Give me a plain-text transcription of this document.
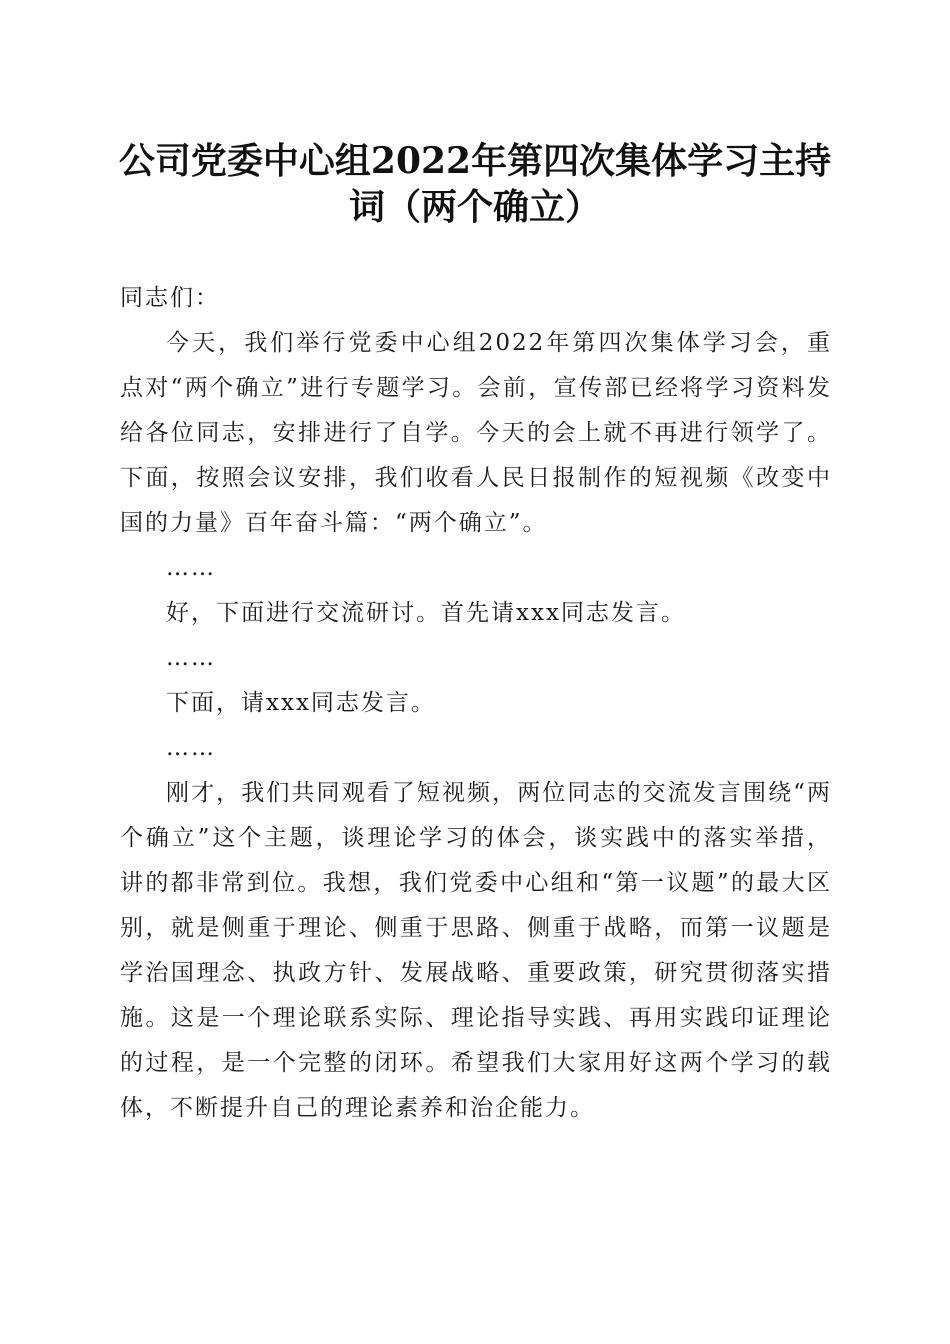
公司党委中心组2022年第四次集体学习主持词（两个确立）

同志们：

今天，我们举行党委中心组2022年第四次集体学习会，重点对“两个确立”进行专题学习。会前，宣传部已经将学习资料发给各位同志，安排进行了自学。今天的会上就不再进行领学了。下面，按照会议安排，我们收看人民日报制作的短视频《改变中国的力量》百年奋斗篇：“两个确立”。

……

好，下面进行交流研讨。首先请xxx同志发言。

……

下面，请xxx同志发言。

……

刚才，我们共同观看了短视频，两位同志的交流发言围绕“两个确立”这个主题，谈理论学习的体会，谈实践中的落实举措，讲的都非常到位。我想，我们党委中心组和“第一议题”的最大区别，就是侧重于理论、侧重于思路、侧重于战略，而第一议题是学治国理念、执政方针、发展战略、重要政策，研究贯彻落实措施。这是一个理论联系实际、理论指导实践、再用实践印证理论的过程，是一个完整的闭环。希望我们大家用好这两个学习的载体，不断提升自己的理论素养和治企能力。
